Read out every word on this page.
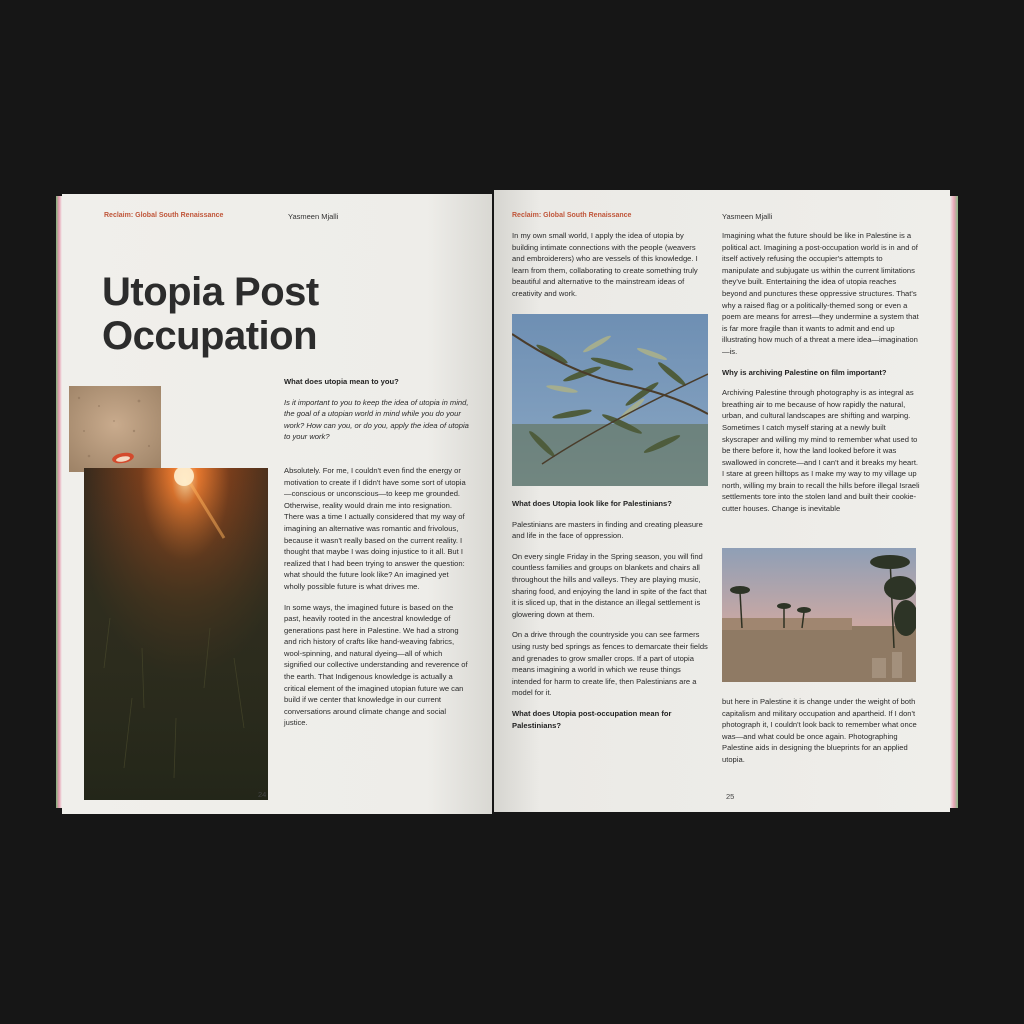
Reclaim: Global South Renaissance	Yasmeen Mjalli
Utopia Post
Occupation

What does utopia mean to you?

Is it important to you to keep the idea of utopia in mind, the goal of a utopian world in mind while you do your work? How can you, or do you, apply the idea of utopia to your work?

Absolutely. For me, I couldn't even find the energy or motivation to create if I didn't have some sort of utopia—conscious or unconscious—to keep me grounded. Otherwise, reality would drain me into resignation. There was a time I actually considered that my way of imagining an alternative was romantic and frivolous, because it wasn't really based on the current reality. I thought that maybe I was doing injustice to it all. But I realized that I had been trying to answer the question: what should the future look like? An imagined yet wholly possible future is what drives me.

In some ways, the imagined future is based on the past, heavily rooted in the ancestral knowledge of generations past here in Palestine. We had a strong and rich history of crafts like hand-weaving fabrics, wool-spinning, and natural dyeing—all of which signified our collective understanding and reverence of the earth. That Indigenous knowledge is actually a critical element of the imagined utopian future we can build if we center that knowledge in our current conversations around climate change and social justice.

24
Reclaim: Global South Renaissance	Yasmeen Mjalli

In my own small world, I apply the idea of utopia by building intimate connections with the people (weavers and embroiderers) who are vessels of this knowledge. I learn from them, collaborating to create something truly beautiful and alternative to the mainstream ideas of creativity and work.

What does Utopia look like for Palestinians?

Palestinians are masters in finding and creating pleasure and life in the face of oppression.

On every single Friday in the Spring season, you will find countless families and groups on blankets and chairs all throughout the hills and valleys. They are playing music, sharing food, and enjoying the land in spite of the fact that it is sliced up, that in the distance an illegal settlement is glowering down at them.

On a drive through the countryside you can see farmers using rusty bed springs as fences to demarcate their fields and grenades to grow smaller crops. If a part of utopia means imagining a world in which we reuse things intended for harm to create life, then Palestinians are a model for it.

What does Utopia post-occupation mean for Palestinians?

Imagining what the future should be like in Palestine is a political act. Imagining a post-occupation world is in and of itself actively refusing the occupier's attempts to manipulate and subjugate us within the current limitations they've built. Entertaining the idea of utopia reaches beyond and punctures these oppressive structures. That's why a raised flag or a politically-themed song or even a poem are means for arrest—they undermine a system that is far more fragile than it wants to admit and end up illustrating how much of a threat a mere idea—imagination—is.

Why is archiving Palestine on film important?

Archiving Palestine through photography is as integral as breathing air to me because of how rapidly the natural, urban, and cultural landscapes are shifting and warping. Sometimes I catch myself staring at a newly built skyscraper and willing my mind to remember what used to be there before it, how the land looked before it was swallowed in concrete—and I can't and it breaks my heart. I stare at green hilltops as I make my way to my village up north, willing my brain to recall the hills before illegal Israeli settlements tore into the stolen land and built their cookie-cutter houses. Change is inevitable

but here in Palestine it is change under the weight of both capitalism and military occupation and apartheid. If I don't photograph it, I couldn't look back to remember what once was—and what could be once again. Photographing Palestine aids in designing the blueprints for an applied utopia.

25
